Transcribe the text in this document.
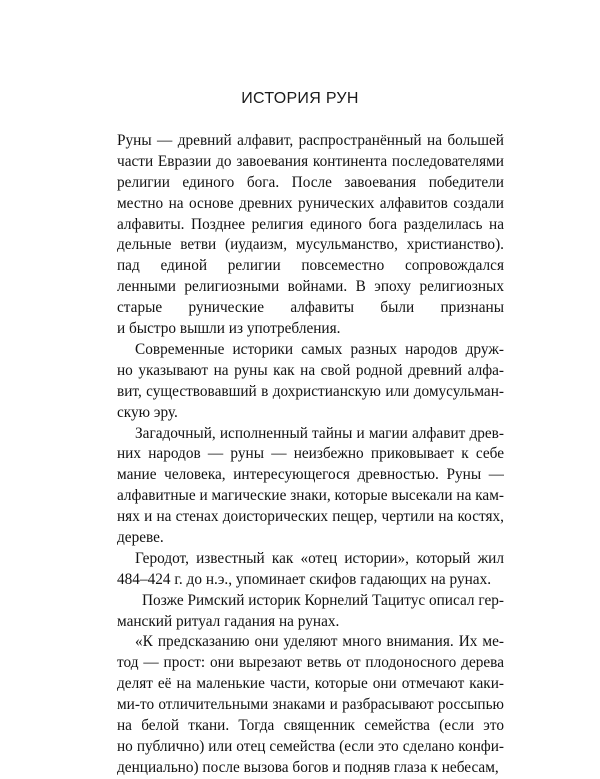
ИСТОРИЯ РУН
Руны — древний алфавит, распространённый на большей
части Евразии до завоевания континента последователями
религии единого бога. После завоевания победители
местно на основе древних рунических алфавитов создали
алфавиты. Позднее религия единого бога разделилась на
дельные ветви (иудаизм, мусульманство, христианство).
пад единой религии повсеместно сопровождался
ленными религиозными войнами. В эпоху религиозных
старые рунические алфавиты были признаны
и быстро вышли из употребления.
Современные историки самых разных народов друж-
но указывают на руны как на свой родной древний алфа-
вит, существовавший в дохристианскую или домусульман-
скую эру.
Загадочный, исполненный тайны и магии алфавит древ-
них народов — руны — неизбежно приковывает к себе
мание человека, интересующегося древностью. Руны —
алфавитные и магические знаки, которые высекали на кам-
нях и на стенах доисторических пещер, чертили на костях,
дереве.
Геродот, известный как «отец истории», который жил
484–424 г. до н.э., упоминает скифов гадающих на рунах.
Позже Римский историк Корнелий Тацитус описал гер-
манский ритуал гадания на рунах.
«К предсказанию они уделяют много внимания. Их ме-
тод — прост: они вырезают ветвь от плодоносного дерева
делят её на маленькие части, которые они отмечают каки-
ми-то отличительными знаками и разбрасывают россыпью
на белой ткани. Тогда священник семейства (если это
но публично) или отец семейства (если это сделано конфи-
денциально) после вызова богов и подняв глаза к небесам,
